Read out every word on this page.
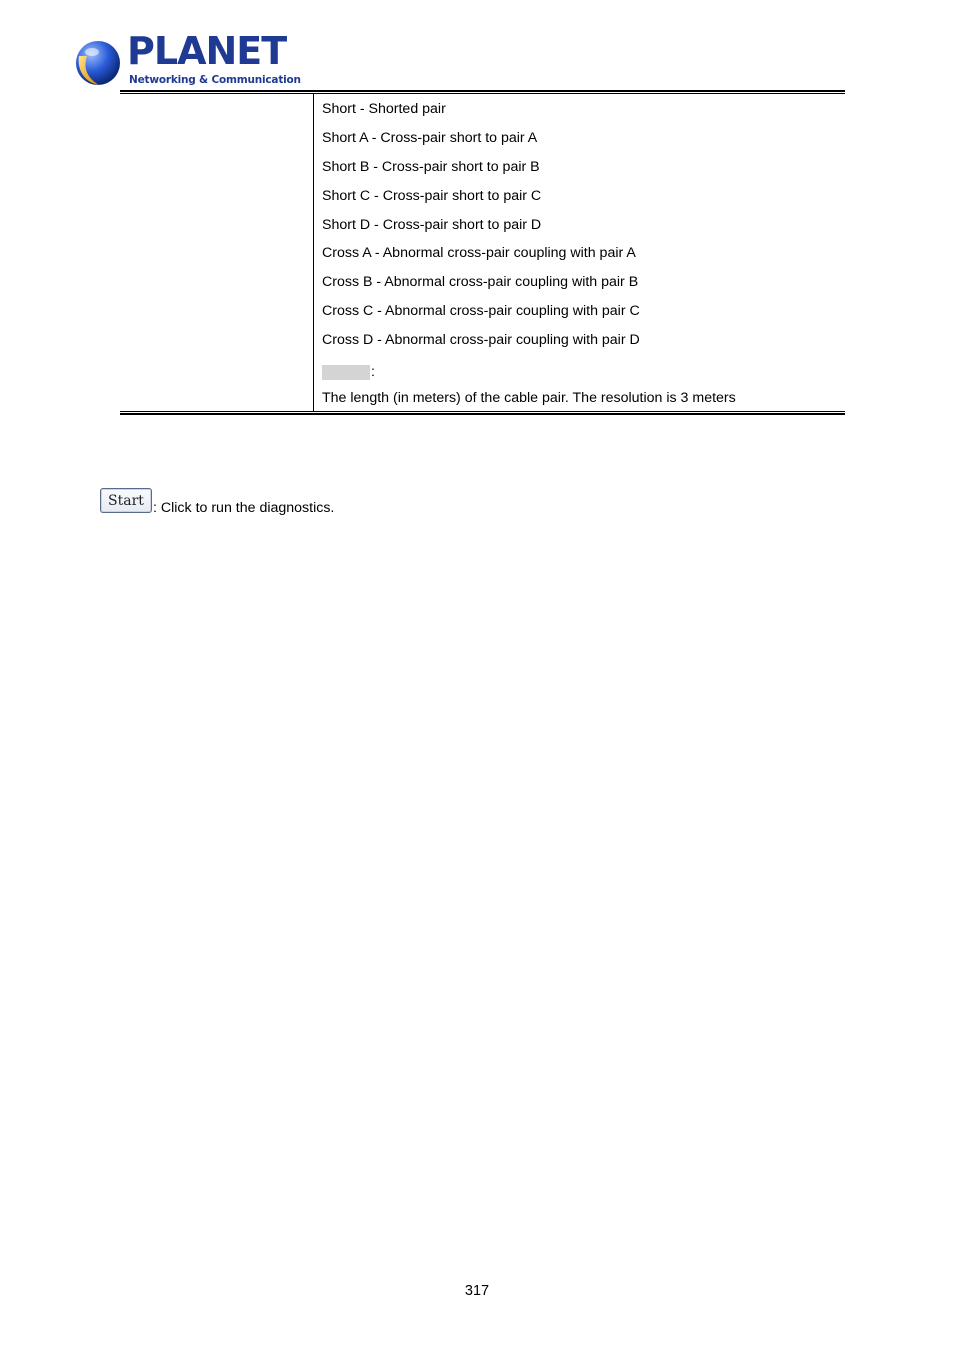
PLANET
Networking & Communication
Short - Shorted pair
Short A - Cross-pair short to pair A
Short B - Cross-pair short to pair B
Short C - Cross-pair short to pair C
Short D - Cross-pair short to pair D
Cross A - Abnormal cross-pair coupling with pair A
Cross B - Abnormal cross-pair coupling with pair B
Cross C - Abnormal cross-pair coupling with pair C
Cross D - Abnormal cross-pair coupling with pair D
:
The length (in meters) of the cable pair. The resolution is 3 meters
Start : Click to run the diagnostics.
317
